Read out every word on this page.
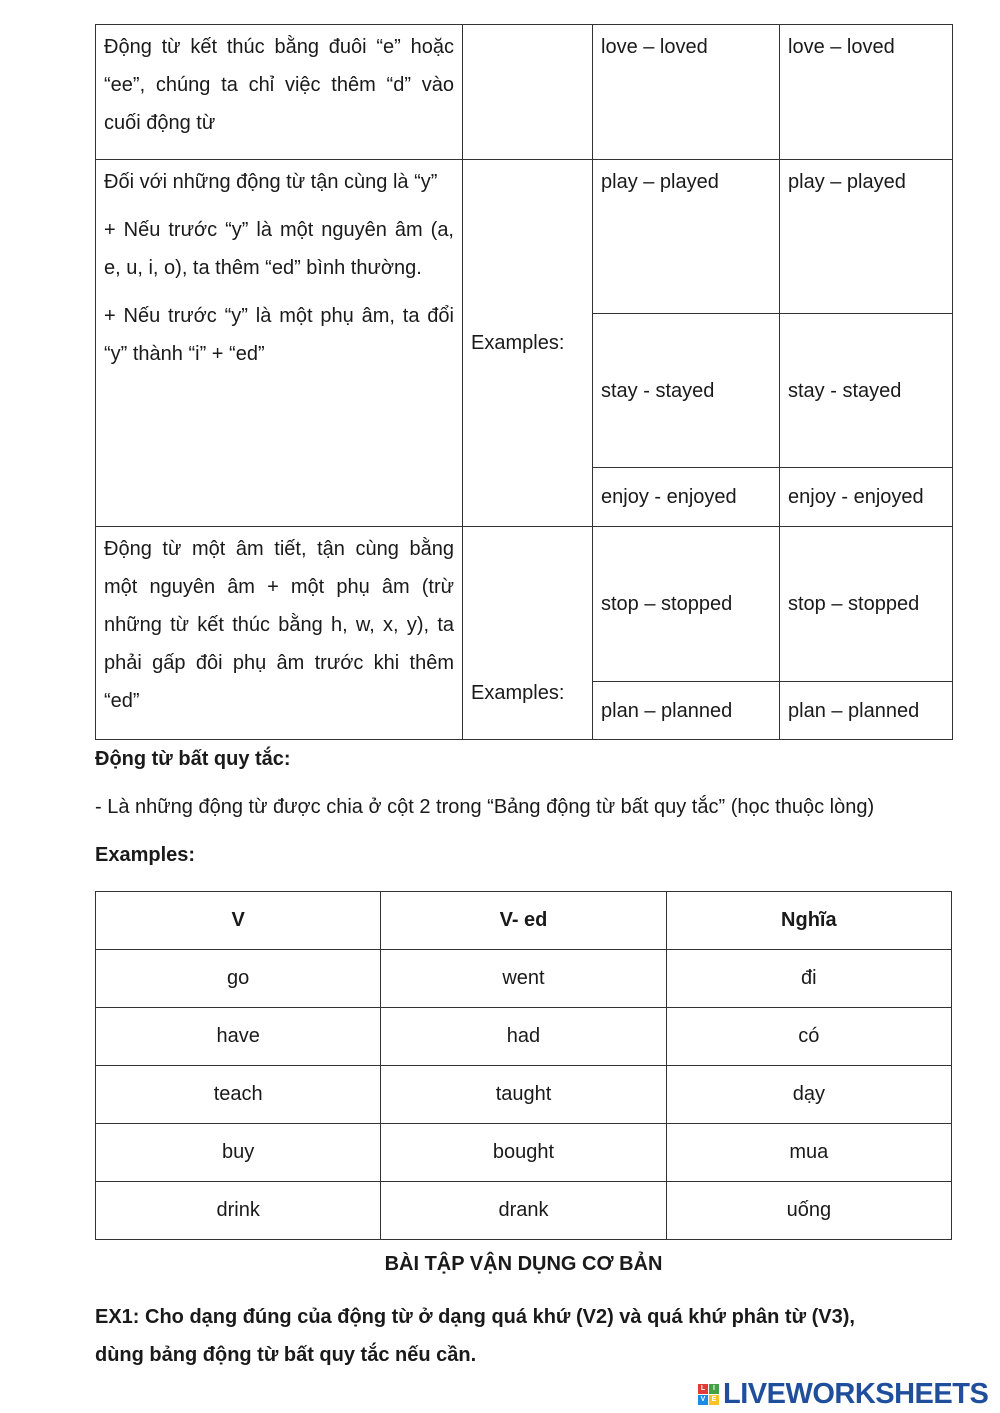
Động từ kết thúc bằng đuôi “e” hoặc “ee”, chúng ta chỉ việc thêm “d” vào cuối động từ		love – loved	love – loved

Đối với những động từ tận cùng là “y”

+ Nếu trước “y” là một nguyên âm (a, e, u, i, o), ta thêm “ed” bình thường.

+ Nếu trước “y” là một phụ âm, ta đổi “y” thành “i” + “ed”	Examples:	play – played	play – played
		stay - stayed	stay - stayed
		enjoy - enjoyed	enjoy - enjoyed

Động từ một âm tiết, tận cùng bằng một nguyên âm + một phụ âm (trừ những từ kết thúc bằng h, w, x, y), ta phải gấp đôi phụ âm trước khi thêm “ed”	Examples:	stop – stopped	stop – stopped
		plan – planned	plan – planned
Động từ bất quy tắc:
- Là những động từ được chia ở cột 2 trong “Bảng động từ bất quy tắc” (học thuộc lòng)
Examples:
V	V- ed	Nghĩa
go	went	đi
have	had	có
teach	taught	dạy
buy	bought	mua
drink	drank	uống
BÀI TẬP VẬN DỤNG CƠ BẢN
EX1: Cho dạng đúng của động từ ở dạng quá khứ (V2) và quá khứ phân từ (V3),
dùng bảng động từ bất quy tắc nếu cần.
L	I
V E LIVEWORKSHEETS
